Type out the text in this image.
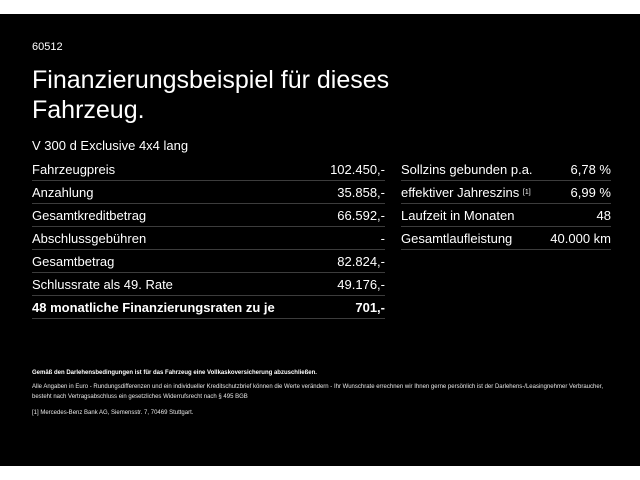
60512
Finanzierungsbeispiel für dieses Fahrzeug.
V 300 d Exclusive 4x4 lang
Fahrzeugpreis	102.450,-
Anzahlung	35.858,-
Gesamtkreditbetrag	66.592,-
Abschlussgebühren	-
Gesamtbetrag	82.824,-
Schlussrate als 49. Rate	49.176,-
48 monatliche Finanzierungsraten zu je	701,-
Sollzins gebunden p.a.	6,78 %
effektiver Jahreszins [1]	6,99 %
Laufzeit in Monaten	48
Gesamtlaufleistung	40.000 km
Gemäß den Darlehensbedingungen ist für das Fahrzeug eine Vollkaskoversicherung abzuschließen.
Alle Angaben in Euro - Rundungsdifferenzen und ein individueller Kreditschutzbrief können die Werte verändern - Ihr Wunschrate errechnen wir Ihnen gerne persönlich ist der Darlehens-/Leasingnehmer Verbraucher, besteht nach Vertragsabschluss ein gesetzliches Widerrufsrecht nach § 495 BGB
[1] Mercedes-Benz Bank AG, Siemensstr. 7, 70469 Stuttgart.
